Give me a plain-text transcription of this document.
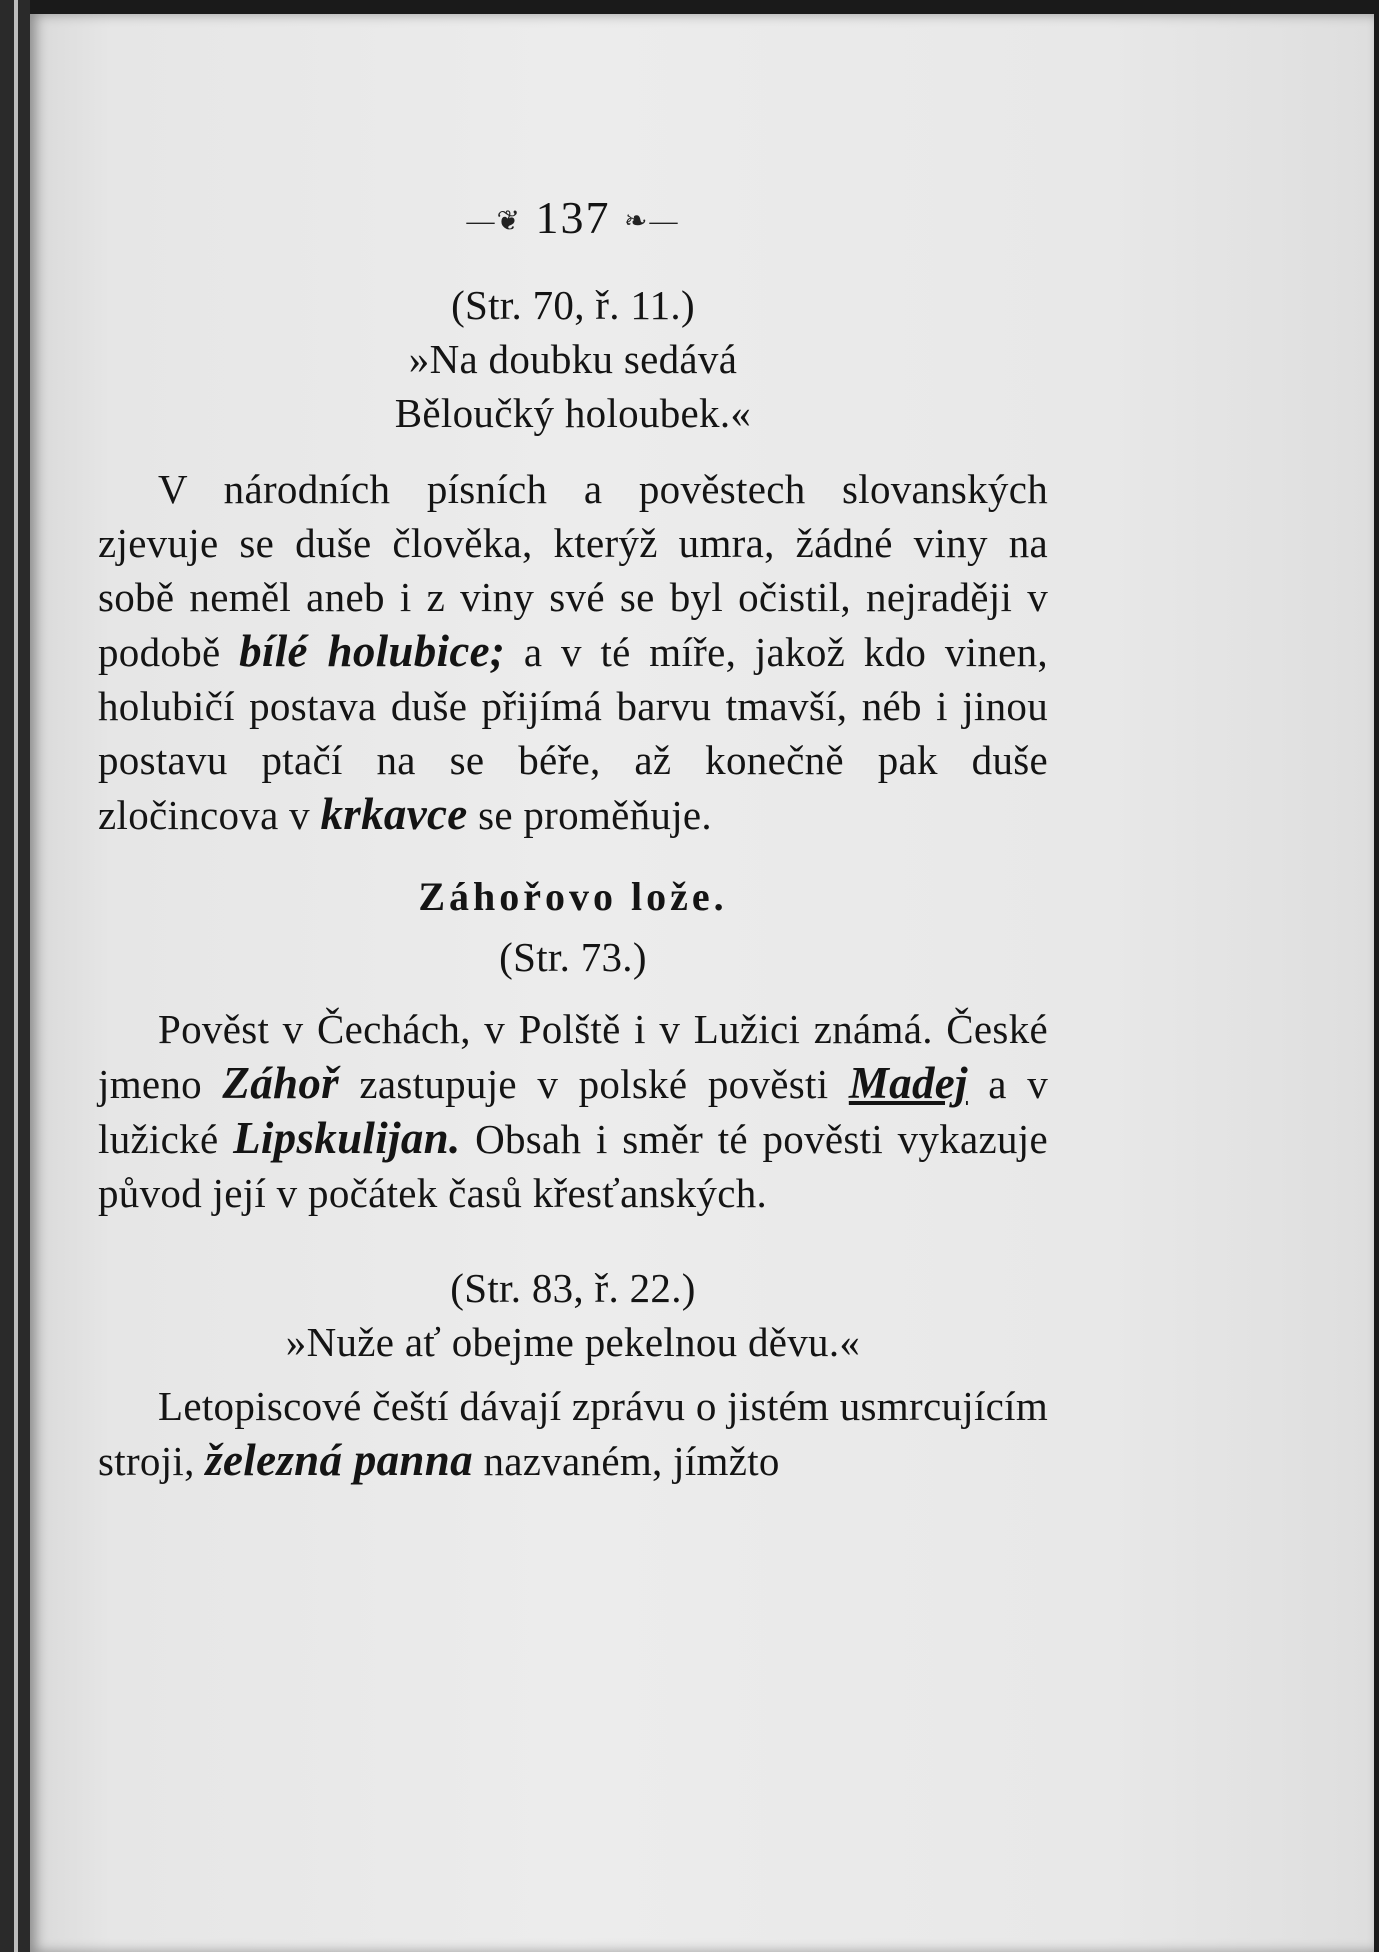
—❦ 137 ❧—
(Str. 70, ř. 11.)
»Na doubku sedává
Běloučký holoubek.«

V národních písních a pověstech slovanských zjevuje se duše člověka, kterýž umra, žádné viny na sobě neměl aneb i z viny své se byl očistil, nejraději v podobě bílé holubice; a v té míře, jakož kdo vinen, holubičí postava duše přijímá barvu tmavší, néb i jinou postavu ptačí na se béře, až konečně pak duše zločincova v krkavce se proměňuje.

Záhořovo lože.
(Str. 73.)

Pověst v Čechách, v Polště i v Lužici známá. České jmeno Záhoř zastupuje v polské pověsti Madej a v lužické Lipskulijan. Obsah i směr té pověsti vykazuje původ její v počátek časů křesťanských.

(Str. 83, ř. 22.)
»Nuže ať obejme pekelnou děvu.«

Letopiscové čeští dávají zprávu o jistém usmrcujícím stroji, železná panna nazvaném, jímžto
